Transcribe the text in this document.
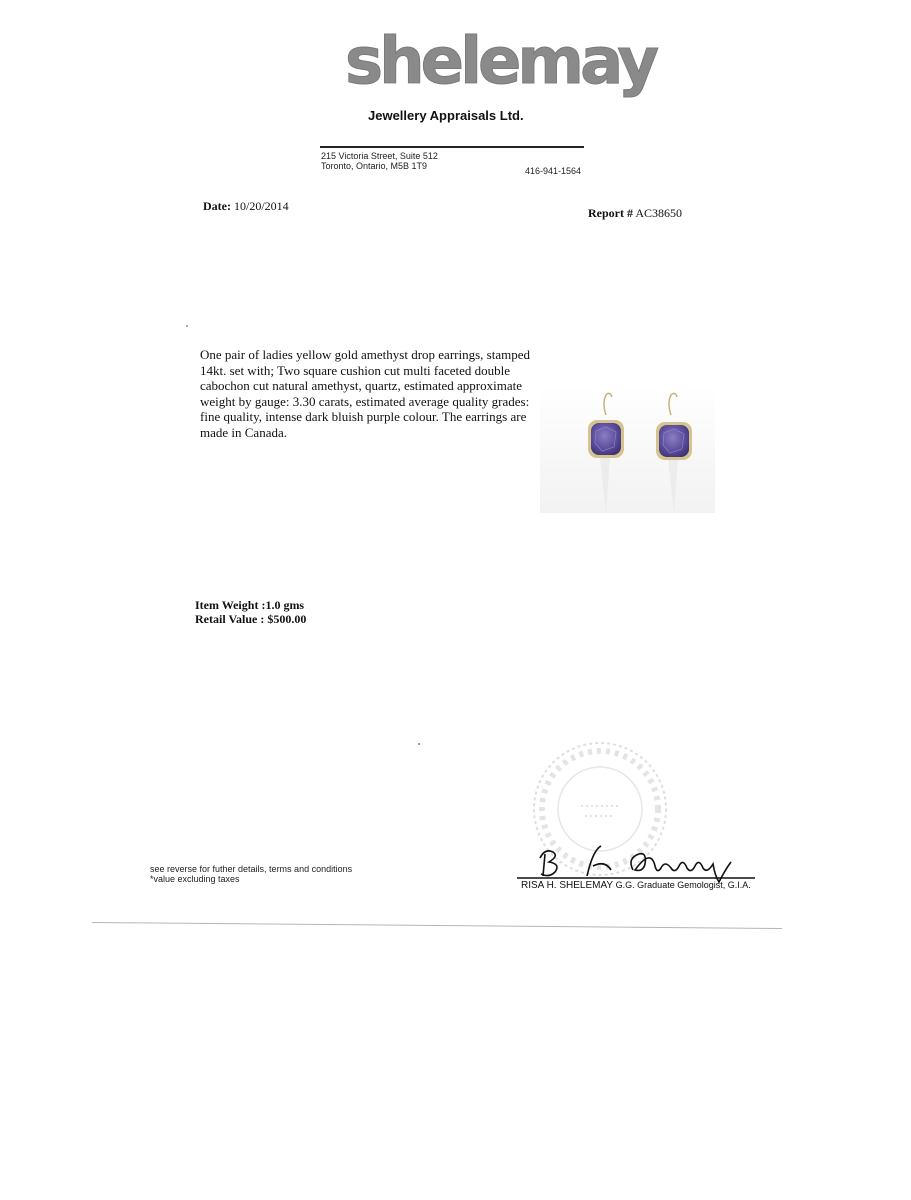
shelemay
Jewellery Appraisals Ltd.
215 Victoria Street, Suite 512
Toronto, Ontario, M5B 1T9	416-941-1564
Date: 10/20/2014	Report # AC38650
One pair of ladies yellow gold amethyst drop earrings, stamped 14kt. set with; Two square cushion cut multi faceted double cabochon cut natural amethyst, quartz, estimated approximate weight by gauge: 3.30 carats, estimated average quality grades: fine quality, intense dark bluish purple colour. The earrings are made in Canada.
Item Weight :1.0 gms
Retail Value : $500.00
see reverse for futher details, terms and conditions
*value excluding taxes
RISA H. SHELEMAY G.G. Graduate Gemologist, G.I.A.
